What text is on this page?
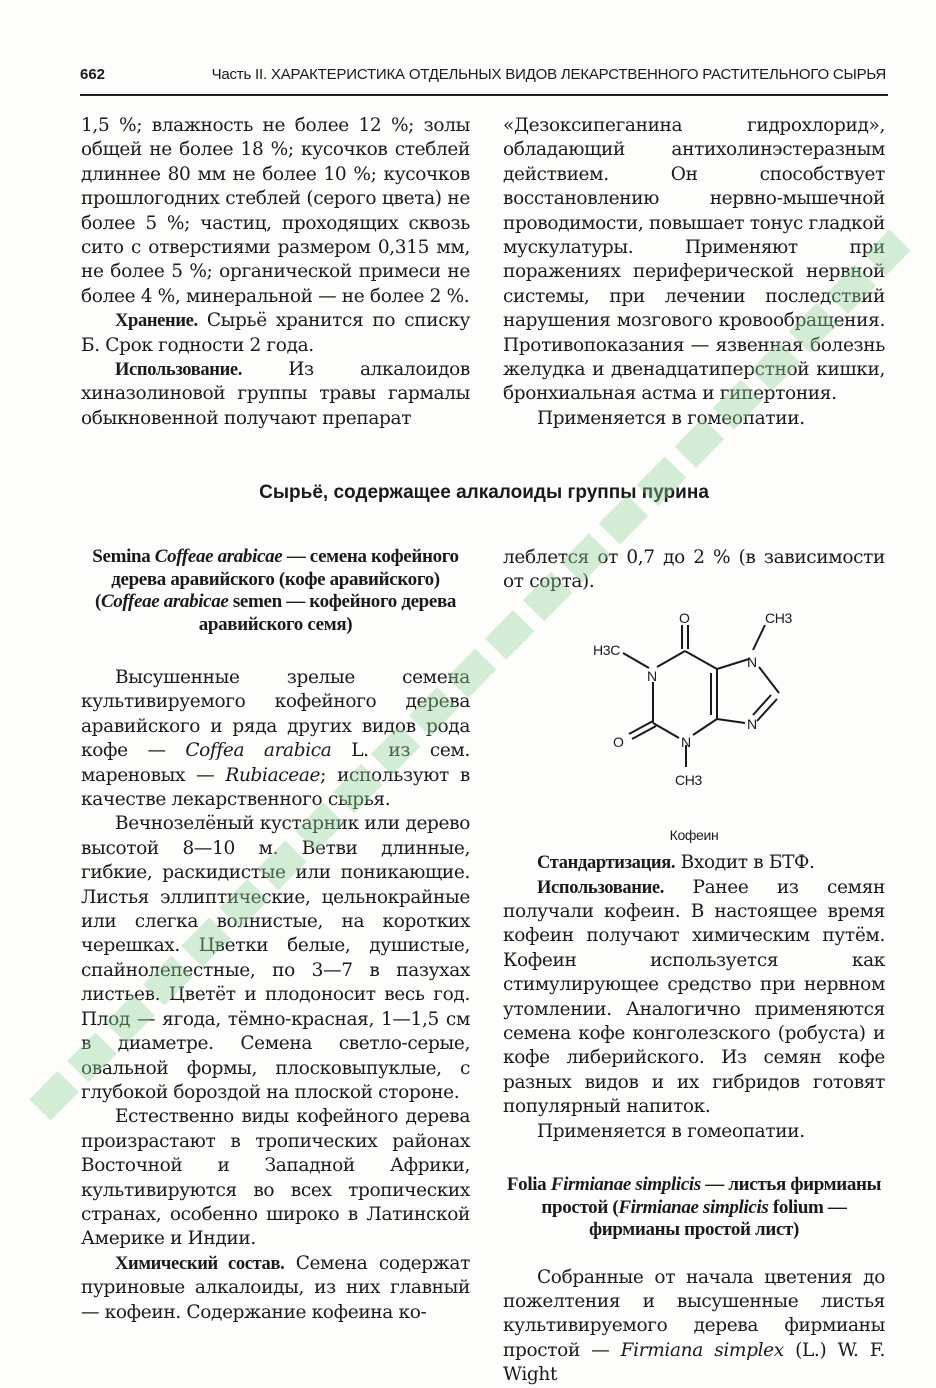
662	Часть II. ХАРАКТЕРИСТИКА ОТДЕЛЬНЫХ ВИДОВ ЛЕКАРСТВЕННОГО РАСТИТЕЛЬНОГО СЫРЬЯ

1,5 %; влажность не более 12 %; золы общей не более 18 %; кусочков стеблей длиннее 80 мм не более 10 %; кусочков прошлогодних стеблей (серого цвета) не более 5 %; частиц, проходящих сквозь сито с отверстиями размером 0,315 мм, не более 5 %; органической примеси не более 4 %, минеральной — не более 2 %.

Хранение. Сырьё хранится по списку Б. Срок годности 2 года.

Использование. Из алкалоидов хиназолиновой группы травы гармалы обыкновенной получают препарат

«Дезоксипеганина гидрохлорид», обладающий антихолинэстеразным действием. Он способствует восстановлению нервно-мышечной проводимости, повышает тонус гладкой мускулатуры. Применяют при поражениях периферической нервной системы, при лечении последствий нарушения мозгового кровообращения. Противопоказания — язвенная болезнь желудка и двенадцатиперстной кишки, бронхиальная астма и гипертония.

Применяется в гомеопатии.

Сырьё, содержащее алкалоиды группы пурина

Semina Coffeae arabicae — семена кофейного дерева аравийского (кофе аравийского) (Coffeae arabicae semen — кофейного дерева аравийского семя)

Высушенные зрелые семена культивируемого кофейного дерева аравийского и ряда других видов рода кофе — Coffea arabica L. из сем. мареновых — Rubiaceae; используют в качестве лекарственного сырья.

Вечнозелёный кустарник или дерево высотой 8—10 м. Ветви длинные, гибкие, раскидистые или поникающие. Листья эллиптические, цельнокрайные или слегка волнистые, на коротких черешках. Цветки белые, душистые, спайнолепестные, по 3—7 в пазухах листьев. Цветёт и плодоносит весь год. Плод — ягода, тёмно-красная, 1—1,5 см в диаметре. Семена светло-серые, овальной формы, плосковыпуклые, с глубокой бороздой на плоской стороне.

Естественно виды кофейного дерева произрастают в тропических районах Восточной и Западной Африки, культивируются во всех тропических странах, особенно широко в Латинской Америке и Индии.

Химический состав. Семена содержат пуриновые алкалоиды, из них главный — кофеин. Содержание кофеина ко-

леблется от 0,7 до 2 % (в зависимости от сорта).

O
O
H3C
CH3
CH3
N
N
N
N

Кофеин

Стандартизация. Входит в БТФ.

Использование. Ранее из семян получали кофеин. В настоящее время кофеин получают химическим путём. Кофеин используется как стимулирующее средство при нервном утомлении. Аналогично применяются семена кофе конголезского (робуста) и кофе либерийского. Из семян кофе разных видов и их гибридов готовят популярный напиток.

Применяется в гомеопатии.

Folia Firmianae simplicis — листья фирмианы простой (Firmianae simplicis folium — фирмианы простой лист)

Собранные от начала цветения до пожелтения и высушенные листья культивируемого дерева фирмианы простой — Firmiana simplex (L.) W. F. Wight
